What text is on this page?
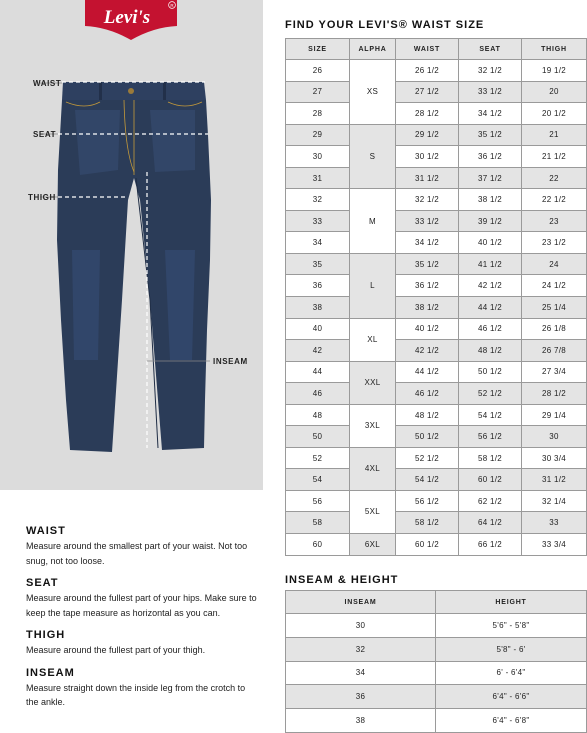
Levi's
R
WAIST
SEAT
THIGH
INSEAM
WAIST
Measure around the smallest part of your waist. Not too snug, not too loose.
SEAT
Measure around the fullest part of your hips. Make sure to keep the tape measure as horizontal as you can.
THIGH
Measure around the fullest part of your thigh.
INSEAM
Measure straight down the inside leg from the crotch to the ankle.
FIND YOUR LEVI'S® WAIST SIZE
SIZE	ALPHA	WAIST	SEAT	THIGH
26	XS	26 1/2	32 1/2	19 1/2
27		27 1/2	33 1/2	20
28		28 1/2	34 1/2	20 1/2
29	S	29 1/2	35 1/2	21
30		30 1/2	36 1/2	21 1/2
31		31 1/2	37 1/2	22
32	M	32 1/2	38 1/2	22 1/2
33		33 1/2	39 1/2	23
34		34 1/2	40 1/2	23 1/2
35	L	35 1/2	41 1/2	24
36		36 1/2	42 1/2	24 1/2
38		38 1/2	44 1/2	25 1/4
40	XL	40 1/2	46 1/2	26 1/8
42		42 1/2	48 1/2	26 7/8
44	XXL	44 1/2	50 1/2	27 3/4
46		46 1/2	52 1/2	28 1/2
48	3XL	48 1/2	54 1/2	29 1/4
50		50 1/2	56 1/2	30
52	4XL	52 1/2	58 1/2	30 3/4
54		54 1/2	60 1/2	31 1/2
56	5XL	56 1/2	62 1/2	32 1/4
58		58 1/2	64 1/2	33
60	6XL	60 1/2	66 1/2	33 3/4
INSEAM & HEIGHT
INSEAM	HEIGHT
30	5'6" - 5'8"
32	5'8" - 6'
34	6' - 6'4"
36	6'4" - 6'6"
38	6'4" - 6'8"
